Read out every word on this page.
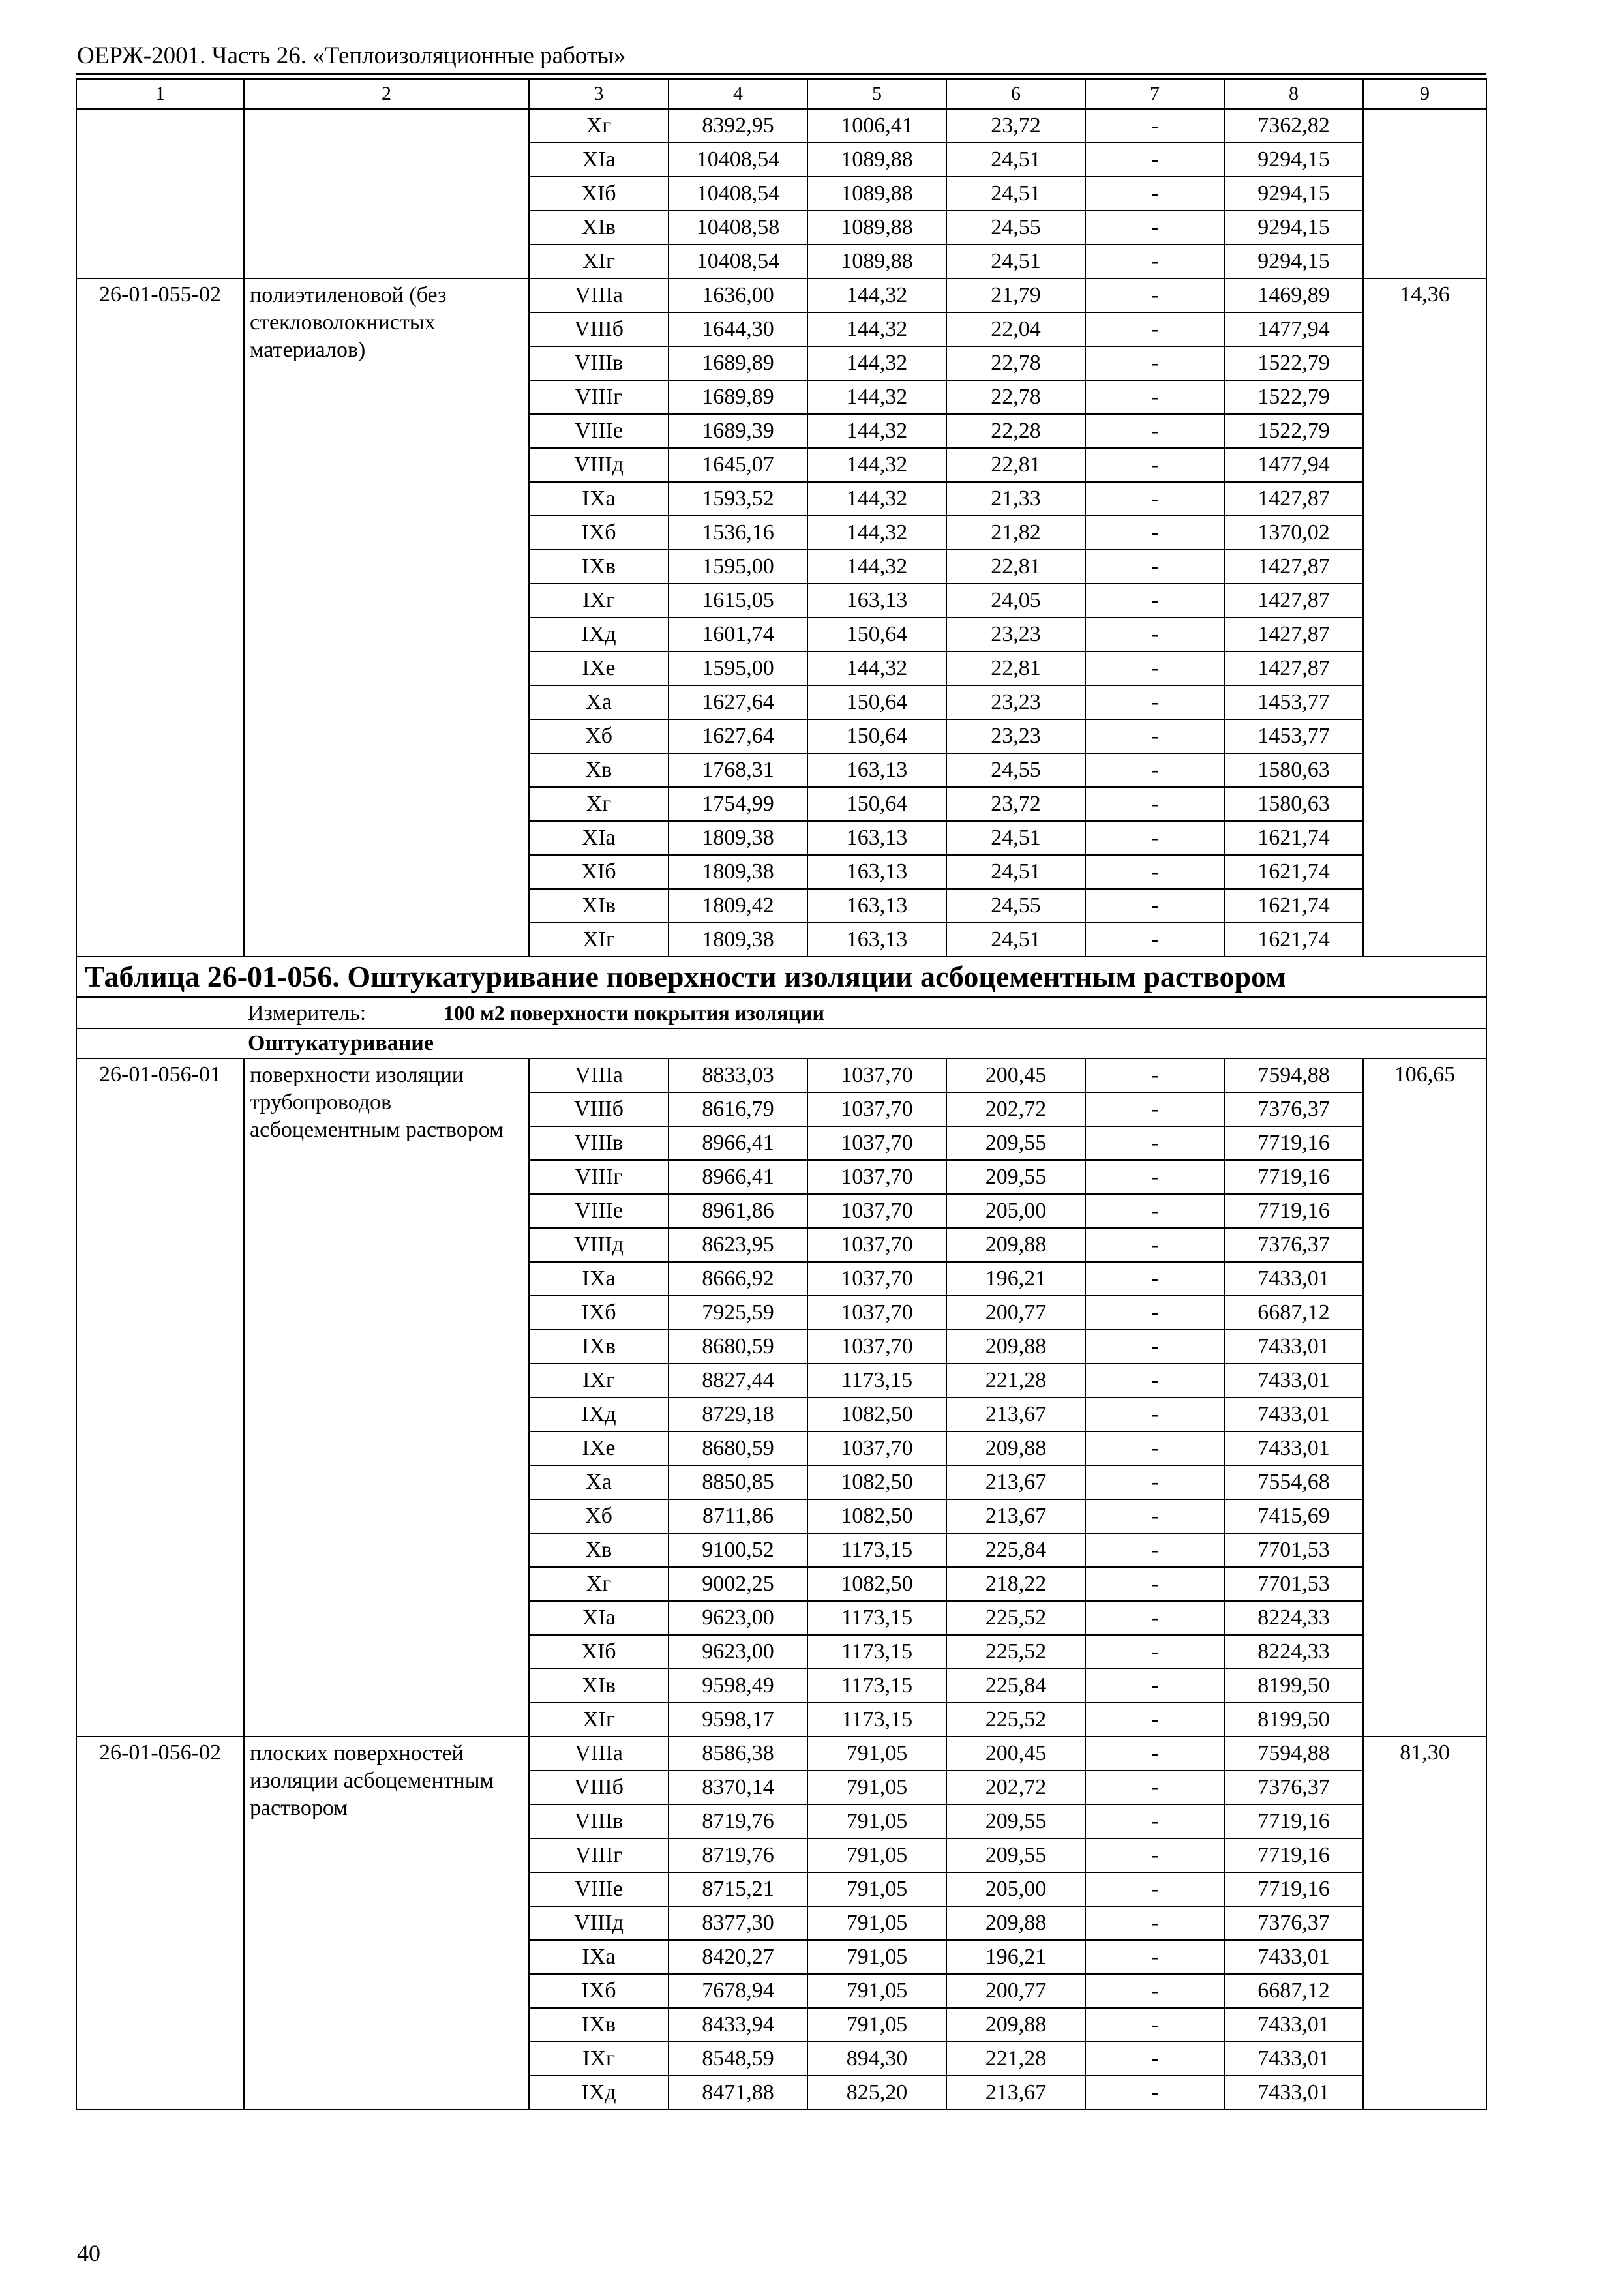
ОЕРЖ-2001. Часть 26. «Теплоизоляционные работы»
1	2	3	4	5	6	7	8	9
		Хг	8392,95	1006,41	23,72	-	7362,82	
		ХIа	10408,54	1089,88	24,51	-	9294,15	
		ХIб	10408,54	1089,88	24,51	-	9294,15	
		ХIв	10408,58	1089,88	24,55	-	9294,15	
		ХIг	10408,54	1089,88	24,51	-	9294,15	
26-01-055-02	полиэтиленовой (без стекловолокнистых материалов)	VIIIа	1636,00	144,32	21,79	-	1469,89	14,36
		VIIIб	1644,30	144,32	22,04	-	1477,94	
		VIIIв	1689,89	144,32	22,78	-	1522,79	
		VIIIг	1689,89	144,32	22,78	-	1522,79	
		VIIIе	1689,39	144,32	22,28	-	1522,79	
		VIIIд	1645,07	144,32	22,81	-	1477,94	
		IХа	1593,52	144,32	21,33	-	1427,87	
		IХб	1536,16	144,32	21,82	-	1370,02	
		IХв	1595,00	144,32	22,81	-	1427,87	
		IХг	1615,05	163,13	24,05	-	1427,87	
		IХд	1601,74	150,64	23,23	-	1427,87	
		IХе	1595,00	144,32	22,81	-	1427,87	
		Ха	1627,64	150,64	23,23	-	1453,77	
		Хб	1627,64	150,64	23,23	-	1453,77	
		Хв	1768,31	163,13	24,55	-	1580,63	
		Хг	1754,99	150,64	23,72	-	1580,63	
		ХIа	1809,38	163,13	24,51	-	1621,74	
		ХIб	1809,38	163,13	24,51	-	1621,74	
		ХIв	1809,42	163,13	24,55	-	1621,74	
		ХIг	1809,38	163,13	24,51	-	1621,74	
Таблица 26-01-056. Оштукатуривание поверхности изоляции асбоцементным раствором								
Измеритель: 100 м2 поверхности покрытия изоляции								
Оштукатуривание								
26-01-056-01	поверхности изоляции трубопроводов асбоцементным раствором	VIIIа	8833,03	1037,70	200,45	-	7594,88	106,65
		VIIIб	8616,79	1037,70	202,72	-	7376,37	
		VIIIв	8966,41	1037,70	209,55	-	7719,16	
		VIIIг	8966,41	1037,70	209,55	-	7719,16	
		VIIIе	8961,86	1037,70	205,00	-	7719,16	
		VIIIд	8623,95	1037,70	209,88	-	7376,37	
		IХа	8666,92	1037,70	196,21	-	7433,01	
		IХб	7925,59	1037,70	200,77	-	6687,12	
		IХв	8680,59	1037,70	209,88	-	7433,01	
		IХг	8827,44	1173,15	221,28	-	7433,01	
		IХд	8729,18	1082,50	213,67	-	7433,01	
		IХе	8680,59	1037,70	209,88	-	7433,01	
		Ха	8850,85	1082,50	213,67	-	7554,68	
		Хб	8711,86	1082,50	213,67	-	7415,69	
		Хв	9100,52	1173,15	225,84	-	7701,53	
		Хг	9002,25	1082,50	218,22	-	7701,53	
		ХIа	9623,00	1173,15	225,52	-	8224,33	
		ХIб	9623,00	1173,15	225,52	-	8224,33	
		ХIв	9598,49	1173,15	225,84	-	8199,50	
		ХIг	9598,17	1173,15	225,52	-	8199,50	
26-01-056-02	плоских поверхностей изоляции асбоцементным раствором	VIIIа	8586,38	791,05	200,45	-	7594,88	81,30
		VIIIб	8370,14	791,05	202,72	-	7376,37	
		VIIIв	8719,76	791,05	209,55	-	7719,16	
		VIIIг	8719,76	791,05	209,55	-	7719,16	
		VIIIе	8715,21	791,05	205,00	-	7719,16	
		VIIIд	8377,30	791,05	209,88	-	7376,37	
		IХа	8420,27	791,05	196,21	-	7433,01	
		IХб	7678,94	791,05	200,77	-	6687,12	
		IХв	8433,94	791,05	209,88	-	7433,01	
		IХг	8548,59	894,30	221,28	-	7433,01	
		IХд	8471,88	825,20	213,67	-	7433,01	
40
